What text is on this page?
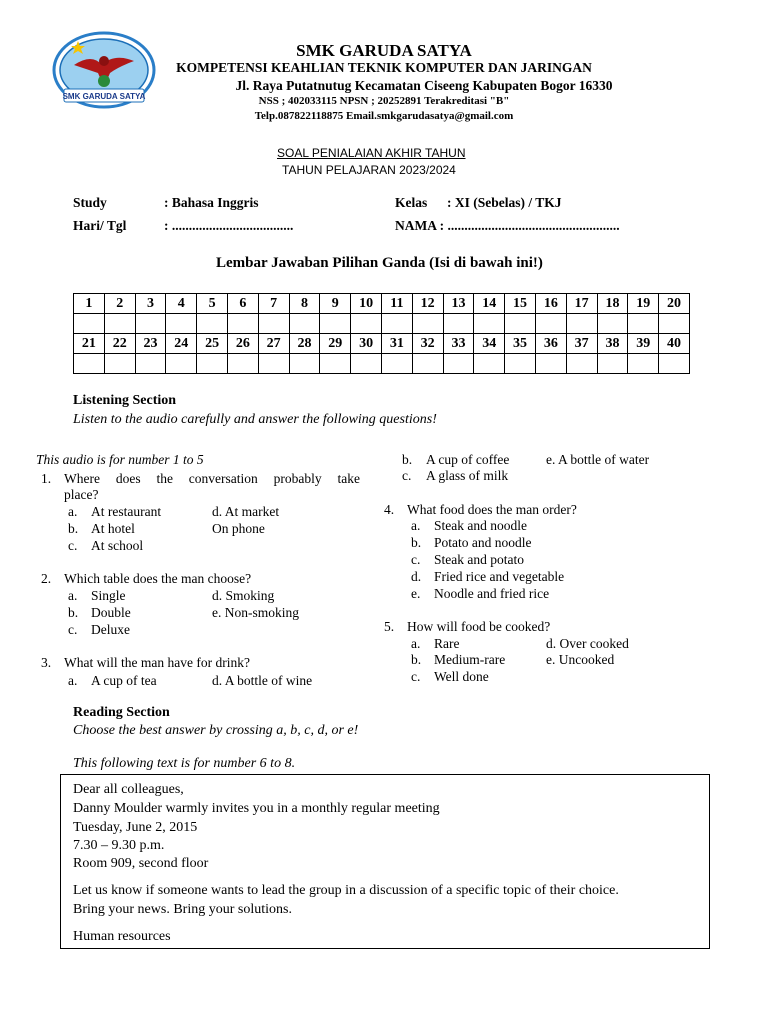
SMK GARUDA SATYA
SMK GARUDA SATYA
KOMPETENSI KEAHLIAN TEKNIK KOMPUTER DAN JARINGAN
Jl. Raya Putatnutug Kecamatan Ciseeng Kabupaten Bogor 16330
NSS ; 402033115 NPSN ; 20252891 Terakreditasi "B"
Telp.087822118875 Email.smkgarudasatya@gmail.com
SOAL PENIALAIAN AKHIR TAHUN
TAHUN PELAJARAN 2023/2024
Study	: Bahasa Inggris	Kelas : XI (Sebelas) / TKJ
Hari/ Tgl	: ....................................	NAMA : ...................................................
Lembar Jawaban Pilihan Ganda (Isi di bawah ini!)
1	2	3	4	5	6	7	8	9	10	11	12	13	14	15	16	17	18	19	20

21	22	23	24	25	26	27	28	29	30	31	32	33	34	35	36	37	38	39	40

Listening Section
Listen to the audio carefully and answer the following questions!
This audio is for number 1 to 5
1. Where does the conversation probably take
place?
a. At restaurant	d. At market
b. At hotel	On phone
c. At school
2. Which table does the man choose?
a. Single	d. Smoking
b. Double	e. Non-smoking
c. Deluxe
3. What will the man have for drink?
a. A cup of tea	d. A bottle of wine
b. A cup of coffee	e. A bottle of water
c. A glass of milk
4. What food does the man order?
a. Steak and noodle
b. Potato and noodle
c. Steak and potato
d. Fried rice and vegetable
e. Noodle and fried rice
5. How will food be cooked?
a. Rare	d. Over cooked
b. Medium-rare	e. Uncooked
c. Well done
Reading Section
Choose the best answer by crossing a, b, c, d, or e!
This following text is for number 6 to 8.
Dear all colleagues,
Danny Moulder warmly invites you in a monthly regular meeting
Tuesday, June 2, 2015
7.30 – 9.30 p.m.
Room 909, second floor
Let us know if someone wants to lead the group in a discussion of a specific topic of their choice.
Bring your news. Bring your solutions.
Human resources
